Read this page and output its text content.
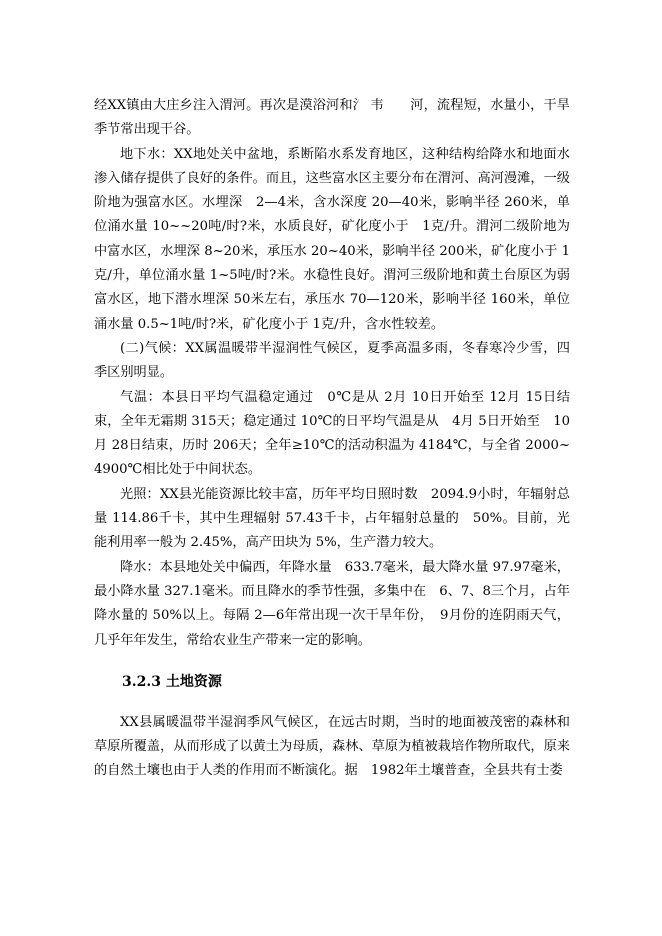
经XX镇由大庄乡注入渭河。再次是漠浴河和氵 韦　　河，流程短，水量小，干旱季节常出现干谷。

地下水：XX地处关中盆地，系断陷水系发育地区，这种结构给降水和地面水渗入储存提供了良好的条件。而且，这些富水区主要分布在渭河、高河漫滩，一级阶地为强富水区。水埋深　2—4米，含水深度 20—40米，影响半径 260米，单位涌水量 10~~20吨/时?米，水质良好，矿化度小于　1克/升。渭河二级阶地为中富水区，水埋深 8~20米，承压水 20~40米，影响半径 200米，矿化度小于 1克/升，单位涌水量 1~5吨/时?米。水稳性良好。渭河三级阶地和黄土台原区为弱富水区，地下潜水埋深 50米左右，承压水 70—120米，影响半径 160米，单位涌水量 0.5~1吨/时?米，矿化度小于 1克/升，含水性较差。

(二)气候：XX属温暖带半湿润性气候区，夏季高温多雨，冬春寒冷少雪，四季区别明显。

气温：本县日平均气温稳定通过　0℃是从 2月 10日开始至 12月 15日结束，全年无霜期 315天；稳定通过 10℃的日平均气温是从　4月 5日开始至　10月 28日结束，历时 206天；全年≥10℃的活动积温为 4184℃，与全省 2000~4900℃相比处于中间状态。

光照：XX县光能资源比较丰富，历年平均日照时数　2094.9小时，年辐射总量 114.86千卡，其中生理辐射 57.43千卡，占年辐射总量的　50%。目前，光能利用率一般为 2.45%，高产田块为 5%，生产潜力较大。

降水：本县地处关中偏西，年降水量　633.7毫米，最大降水量 97.97毫米，最小降水量 327.1毫米。而且降水的季节性强，多集中在　6、7、8三个月，占年降水量的 50%以上。每隔 2—6年常出现一次干旱年份，　9月份的连阴雨天气，几乎年年发生，常给农业生产带来一定的影响。

3.2.3 土地资源

XX县属暖温带半湿润季风气候区，在远古时期，当时的地面被茂密的森林和草原所覆盖，从而形成了以黄土为母质，森林、草原为植被栽培作物所取代，原来的自然土壤也由于人类的作用而不断演化。据　1982年土壤普查，全县共有士娄
